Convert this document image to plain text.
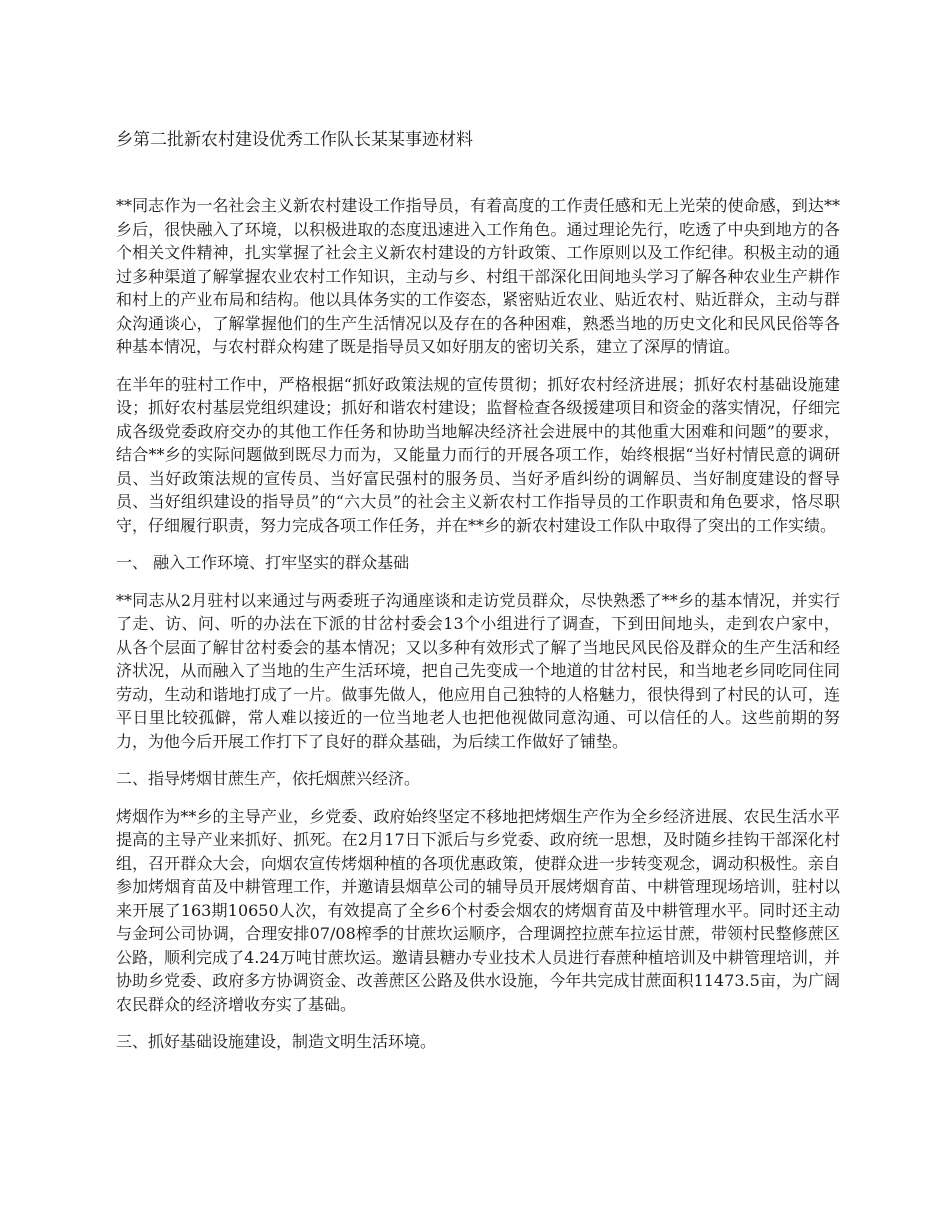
乡第二批新农村建设优秀工作队长某某事迹材料

**同志作为一名社会主义新农村建设工作指导员，有着高度的工作责任感和无上光荣的使命感，到达**乡后，很快融入了环境，以积极进取的态度迅速进入工作角色。通过理论先行，吃透了中央到地方的各个相关文件精神，扎实掌握了社会主义新农村建设的方针政策、工作原则以及工作纪律。积极主动的通过多种渠道了解掌握农业农村工作知识，主动与乡、村组干部深化田间地头学习了解各种农业生产耕作和村上的产业布局和结构。他以具体务实的工作姿态，紧密贴近农业、贴近农村、贴近群众，主动与群众沟通谈心，了解掌握他们的生产生活情况以及存在的各种困难，熟悉当地的历史文化和民风民俗等各种基本情况，与农村群众构建了既是指导员又如好朋友的密切关系，建立了深厚的情谊。

在半年的驻村工作中，严格根据“抓好政策法规的宣传贯彻；抓好农村经济进展；抓好农村基础设施建设；抓好农村基层党组织建设；抓好和谐农村建设；监督检查各级援建项目和资金的落实情况，仔细完成各级党委政府交办的其他工作任务和协助当地解决经济社会进展中的其他重大困难和问题”的要求，结合**乡的实际问题做到既尽力而为，又能量力而行的开展各项工作，始终根据“当好村情民意的调研员、当好政策法规的宣传员、当好富民强村的服务员、当好矛盾纠纷的调解员、当好制度建设的督导员、当好组织建设的指导员”的“六大员”的社会主义新农村工作指导员的工作职责和角色要求，恪尽职守，仔细履行职责，努力完成各项工作任务，并在**乡的新农村建设工作队中取得了突出的工作实绩。

一、 融入工作环境、打牢坚实的群众基础

**同志从2月驻村以来通过与两委班子沟通座谈和走访党员群众，尽快熟悉了**乡的基本情况，并实行了走、访、问、听的办法在下派的甘岔村委会13个小组进行了调查，下到田间地头，走到农户家中，从各个层面了解甘岔村委会的基本情况；又以多种有效形式了解了当地民风民俗及群众的生产生活和经济状况，从而融入了当地的生产生活环境，把自己先变成一个地道的甘岔村民，和当地老乡同吃同住同劳动，生动和谐地打成了一片。做事先做人，他应用自己独特的人格魅力，很快得到了村民的认可，连平日里比较孤僻，常人难以接近的一位当地老人也把他视做同意沟通、可以信任的人。这些前期的努力，为他今后开展工作打下了良好的群众基础，为后续工作做好了铺垫。

二、指导烤烟甘蔗生产，依托烟蔗兴经济。

烤烟作为**乡的主导产业，乡党委、政府始终坚定不移地把烤烟生产作为全乡经济进展、农民生活水平提高的主导产业来抓好、抓死。在2月17日下派后与乡党委、政府统一思想，及时随乡挂钩干部深化村组，召开群众大会，向烟农宣传烤烟种植的各项优惠政策，使群众进一步转变观念，调动积极性。亲自参加烤烟育苗及中耕管理工作，并邀请县烟草公司的辅导员开展烤烟育苗、中耕管理现场培训，驻村以来开展了163期10650人次，有效提高了全乡6个村委会烟农的烤烟育苗及中耕管理水平。同时还主动与金珂公司协调，合理安排07/08榨季的甘蔗坎运顺序，合理调控拉蔗车拉运甘蔗，带领村民整修蔗区公路，顺利完成了4.24万吨甘蔗坎运。邀请县糖办专业技术人员进行春蔗种植培训及中耕管理培训，并协助乡党委、政府多方协调资金、改善蔗区公路及供水设施，今年共完成甘蔗面积11473.5亩，为广阔农民群众的经济增收夯实了基础。

三、抓好基础设施建设，制造文明生活环境。
